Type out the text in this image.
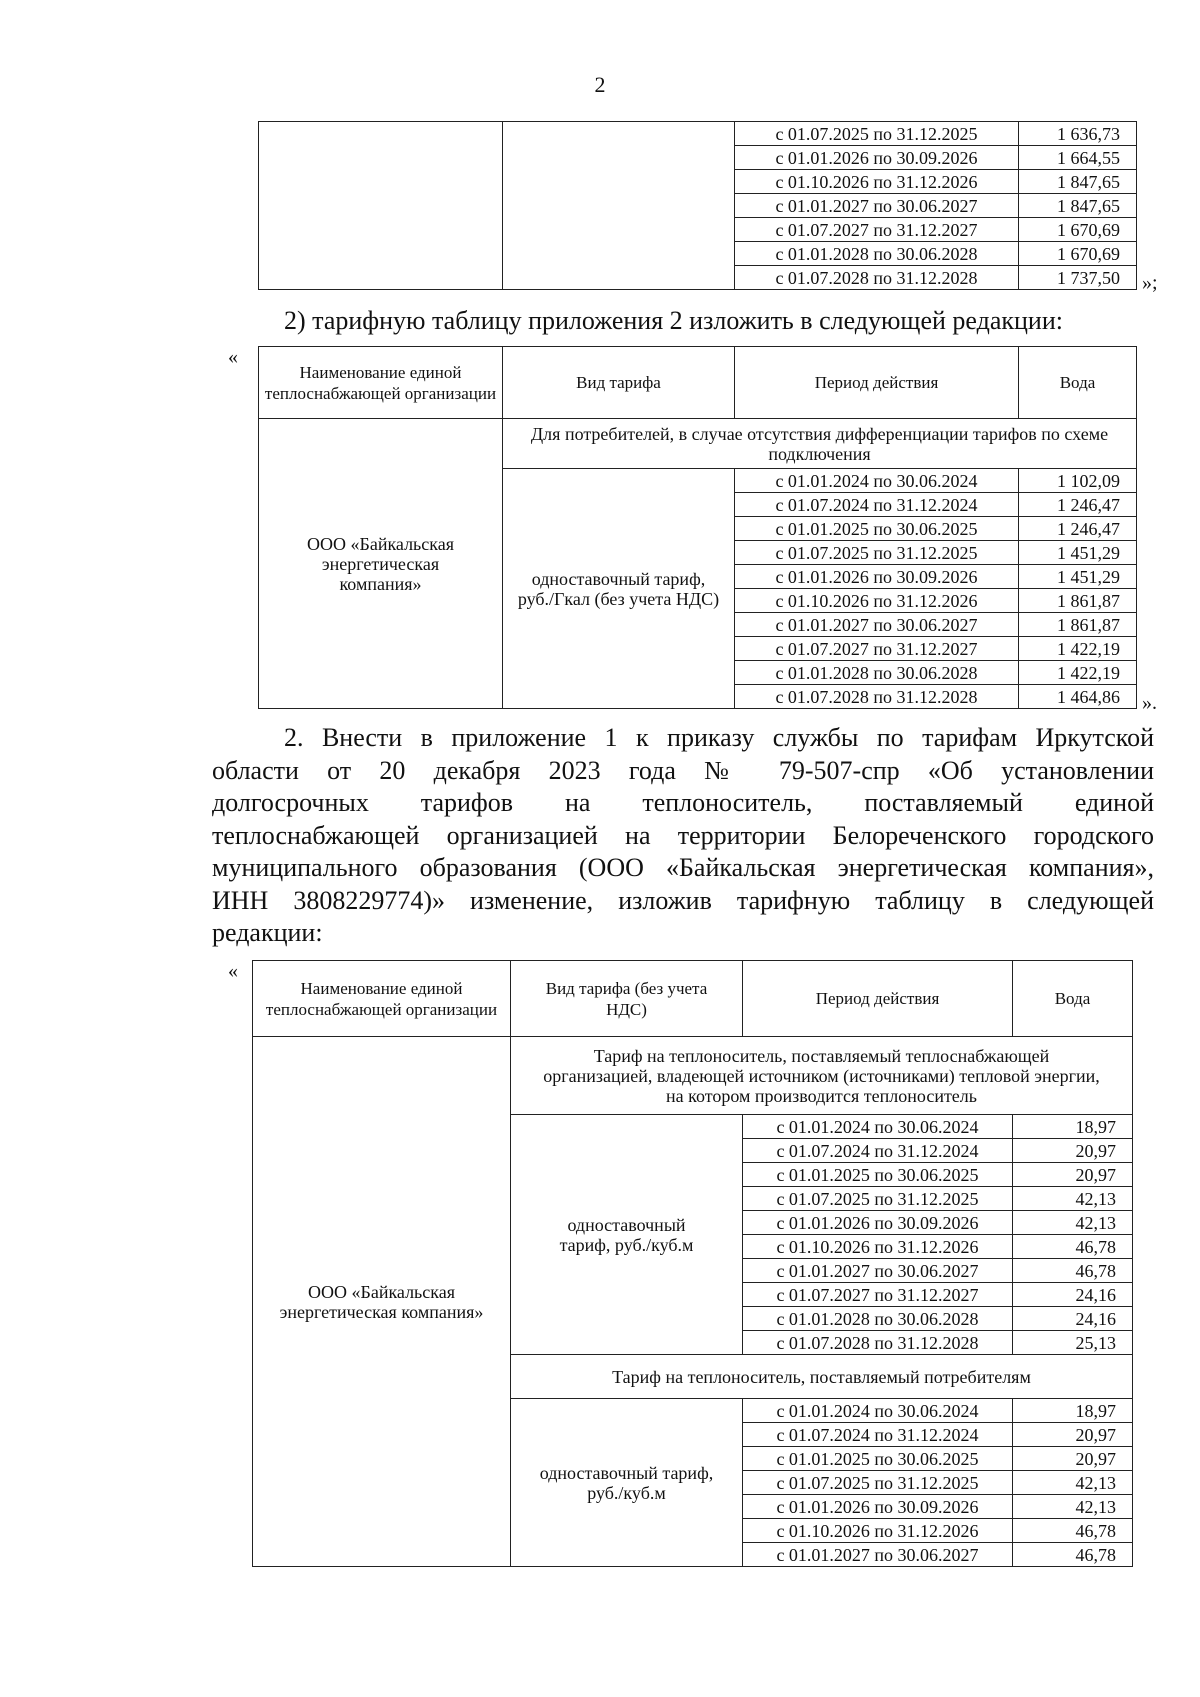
2
		с 01.07.2025 по 31.12.2025	1 636,73
		с 01.01.2026 по 30.09.2026	1 664,55
		с 01.10.2026 по 31.12.2026	1 847,65
		с 01.01.2027 по 30.06.2027	1 847,65
		с 01.07.2027 по 31.12.2027	1 670,69
		с 01.01.2028 по 30.06.2028	1 670,69
		с 01.07.2028 по 31.12.2028	1 737,50 »;
2) тарифную таблицу приложения 2 изложить в следующей редакции:
«
Наименование единой теплоснабжающей организации	Вид тарифа	Период действия	Вода
ООО «Байкальская энергетическая компания»	Для потребителей, в случае отсутствия дифференциации тарифов по схеме подключения		
	одноставочный тариф, руб./Гкал (без учета НДС)	с 01.01.2024 по 30.06.2024	1 102,09
		с 01.07.2024 по 31.12.2024	1 246,47
		с 01.01.2025 по 30.06.2025	1 246,47
		с 01.07.2025 по 31.12.2025	1 451,29
		с 01.01.2026 по 30.09.2026	1 451,29
		с 01.10.2026 по 31.12.2026	1 861,87
		с 01.01.2027 по 30.06.2027	1 861,87
		с 01.07.2027 по 31.12.2027	1 422,19
		с 01.01.2028 по 30.06.2028	1 422,19
		с 01.07.2028 по 31.12.2028	1 464,86 ».
2. Внести в приложение 1 к приказу службы по тарифам Иркутской
области от 20 декабря 2023 года № 79-507-спр «Об установлении
долгосрочных тарифов на теплоноситель, поставляемый единой
теплоснабжающей организацией на территории Белореченского городского
муниципального образования (ООО «Байкальская энергетическая компания»,
ИНН 3808229774)» изменение, изложив тарифную таблицу в следующей
редакции:
«
Наименование единой теплоснабжающей организации	Вид тарифа (без учета НДС)	Период действия	Вода
ООО «Байкальская энергетическая компания»	Тариф на теплоноситель, поставляемый теплоснабжающей организацией, владеющей источником (источниками) тепловой энергии, на котором производится теплоноситель		
	одноставочный тариф, руб./куб.м	с 01.01.2024 по 30.06.2024	18,97
		с 01.07.2024 по 31.12.2024	20,97
		с 01.01.2025 по 30.06.2025	20,97
		с 01.07.2025 по 31.12.2025	42,13
		с 01.01.2026 по 30.09.2026	42,13
		с 01.10.2026 по 31.12.2026	46,78
		с 01.01.2027 по 30.06.2027	46,78
		с 01.07.2027 по 31.12.2027	24,16
		с 01.01.2028 по 30.06.2028	24,16
		с 01.07.2028 по 31.12.2028	25,13
	Тариф на теплоноситель, поставляемый потребителям		
	одноставочный тариф, руб./куб.м	с 01.01.2024 по 30.06.2024	18,97
		с 01.07.2024 по 31.12.2024	20,97
		с 01.01.2025 по 30.06.2025	20,97
		с 01.07.2025 по 31.12.2025	42,13
		с 01.01.2026 по 30.09.2026	42,13
		с 01.10.2026 по 31.12.2026	46,78
		с 01.01.2027 по 30.06.2027	46,78
